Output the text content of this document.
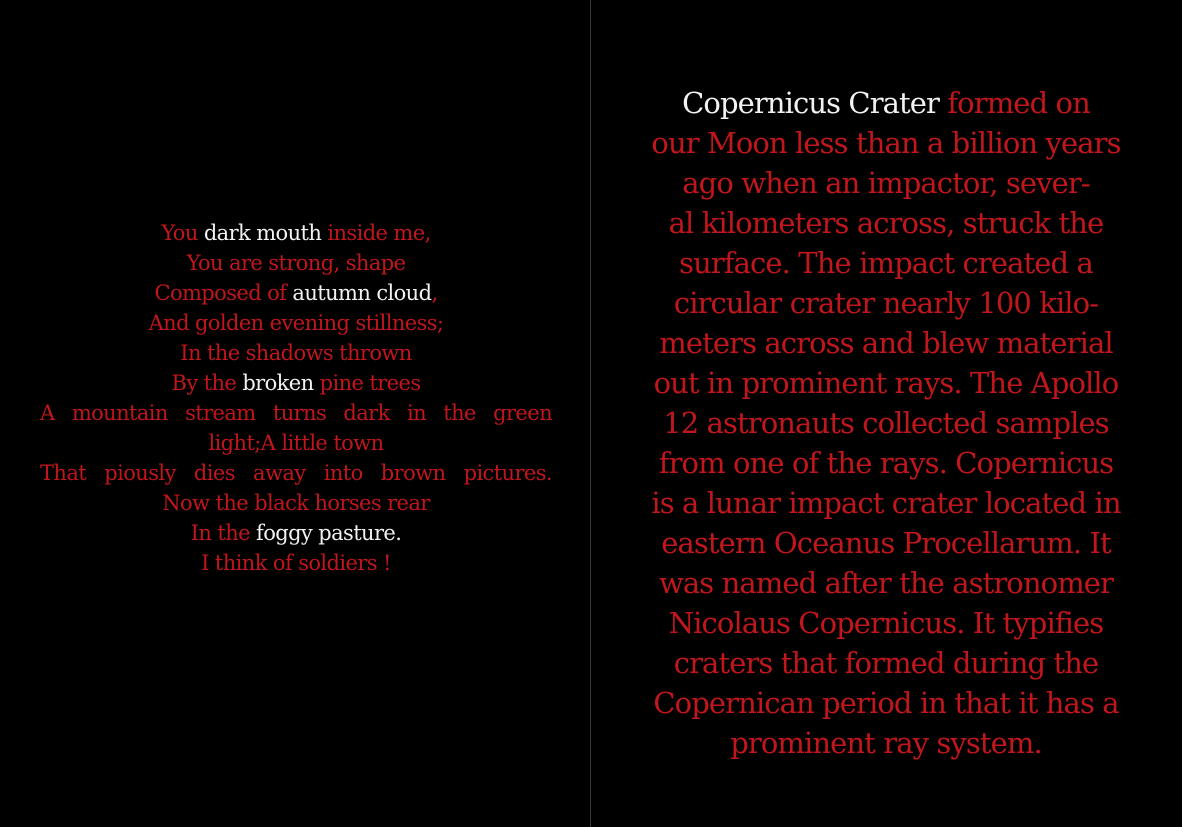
You dark mouth inside me,
You are strong, shape
Composed of autumn cloud,
And golden evening stillness;
In the shadows thrown
By the broken pine trees
A mountain stream turns dark in the green
light;A little town
That piously dies away into brown pictures.
Now the black horses rear
In the foggy pasture.
I think of soldiers !
Copernicus Crater formed on
our Moon less than a billion years
ago when an impactor, sever-
al kilometers across, struck the
surface. The impact created a
circular crater nearly 100 kilo-
meters across and blew material
out in prominent rays. The Apollo
12 astronauts collected samples
from one of the rays. Copernicus
is a lunar impact crater located in
eastern Oceanus Procellarum. It
was named after the astronomer
Nicolaus Copernicus. It typifies
craters that formed during the
Copernican period in that it has a
prominent ray system.
